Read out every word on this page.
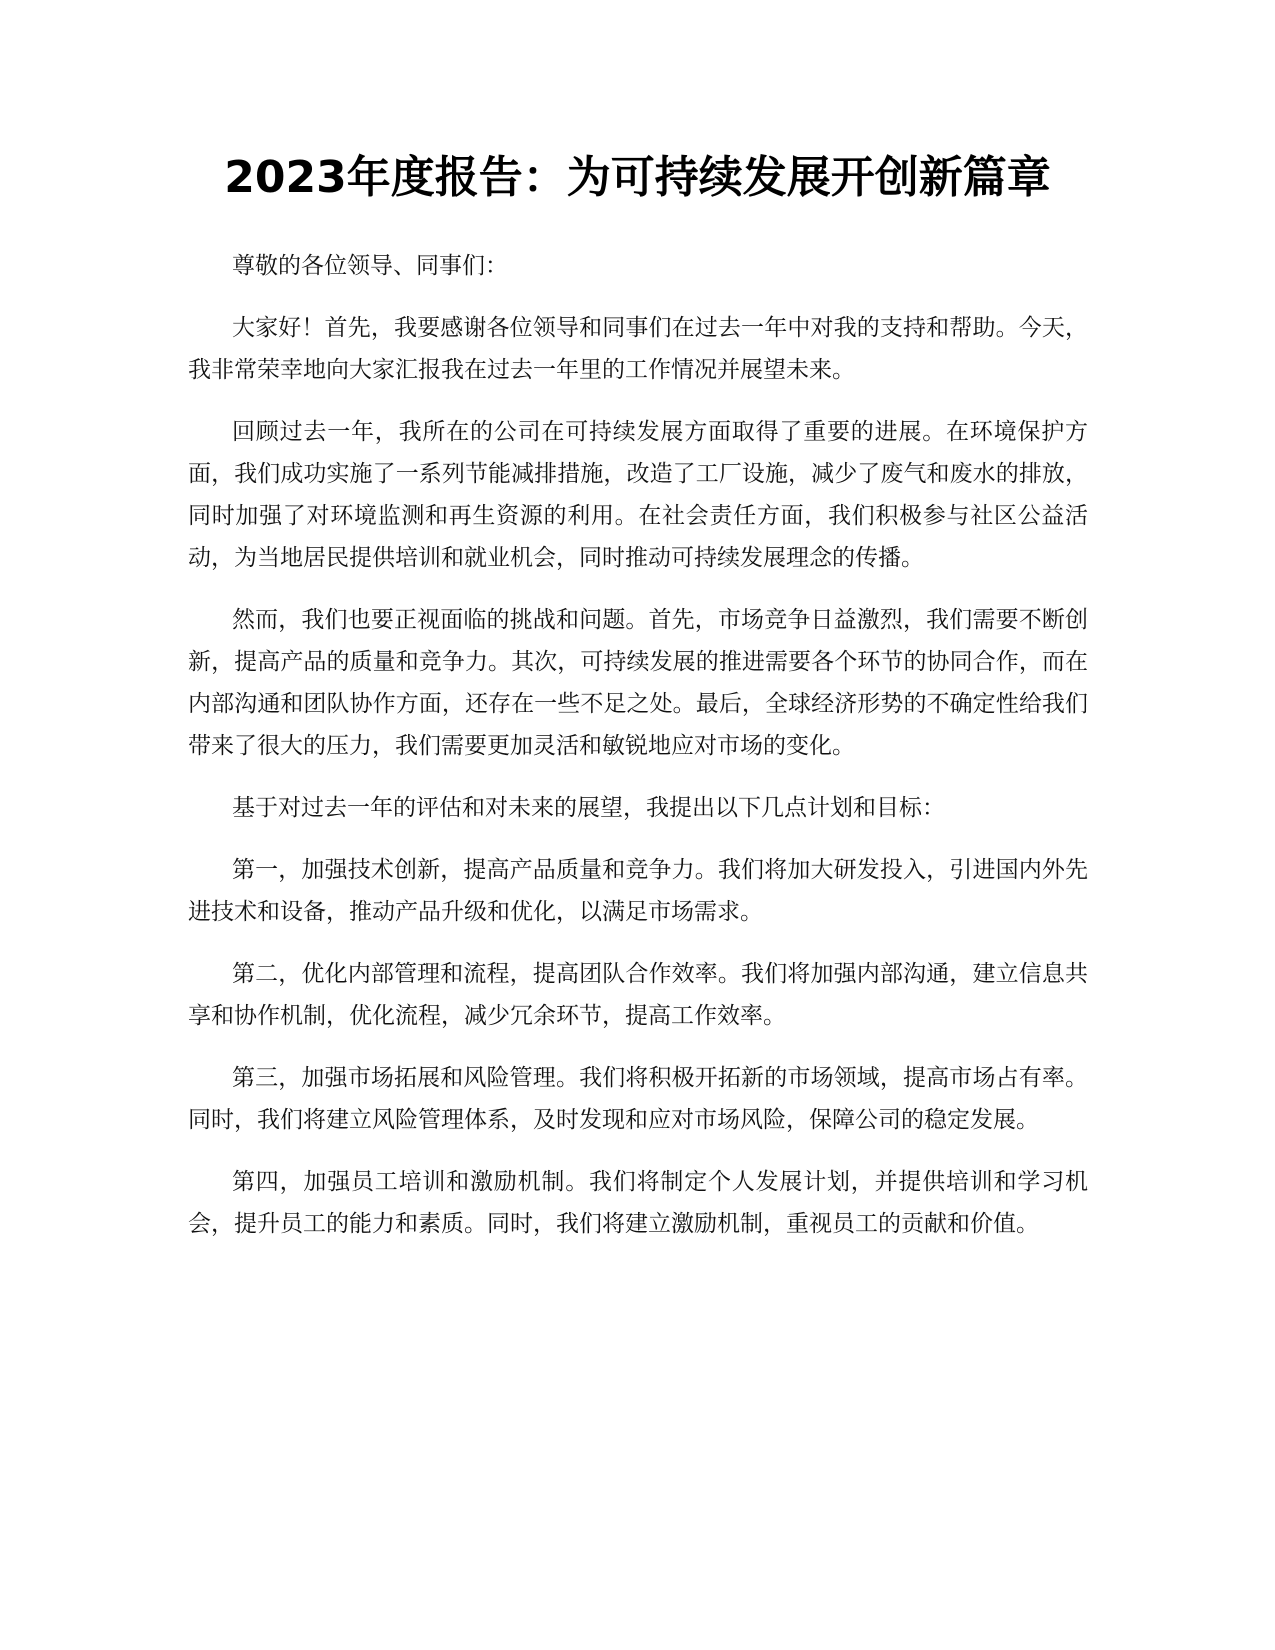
2023年度报告：为可持续发展开创新篇章

尊敬的各位领导、同事们：

大家好！首先，我要感谢各位领导和同事们在过去一年中对我的支持和帮助。今天，我非常荣幸地向大家汇报我在过去一年里的工作情况并展望未来。

回顾过去一年，我所在的公司在可持续发展方面取得了重要的进展。在环境保护方面，我们成功实施了一系列节能减排措施，改造了工厂设施，减少了废气和废水的排放，同时加强了对环境监测和再生资源的利用。在社会责任方面，我们积极参与社区公益活动，为当地居民提供培训和就业机会，同时推动可持续发展理念的传播。

然而，我们也要正视面临的挑战和问题。首先，市场竞争日益激烈，我们需要不断创新，提高产品的质量和竞争力。其次，可持续发展的推进需要各个环节的协同合作，而在内部沟通和团队协作方面，还存在一些不足之处。最后，全球经济形势的不确定性给我们带来了很大的压力，我们需要更加灵活和敏锐地应对市场的变化。

基于对过去一年的评估和对未来的展望，我提出以下几点计划和目标：

第一，加强技术创新，提高产品质量和竞争力。我们将加大研发投入，引进国内外先进技术和设备，推动产品升级和优化，以满足市场需求。

第二，优化内部管理和流程，提高团队合作效率。我们将加强内部沟通，建立信息共享和协作机制，优化流程，减少冗余环节，提高工作效率。

第三，加强市场拓展和风险管理。我们将积极开拓新的市场领域，提高市场占有率。同时，我们将建立风险管理体系，及时发现和应对市场风险，保障公司的稳定发展。

第四，加强员工培训和激励机制。我们将制定个人发展计划，并提供培训和学习机会，提升员工的能力和素质。同时，我们将建立激励机制，重视员工的贡献和价值。
